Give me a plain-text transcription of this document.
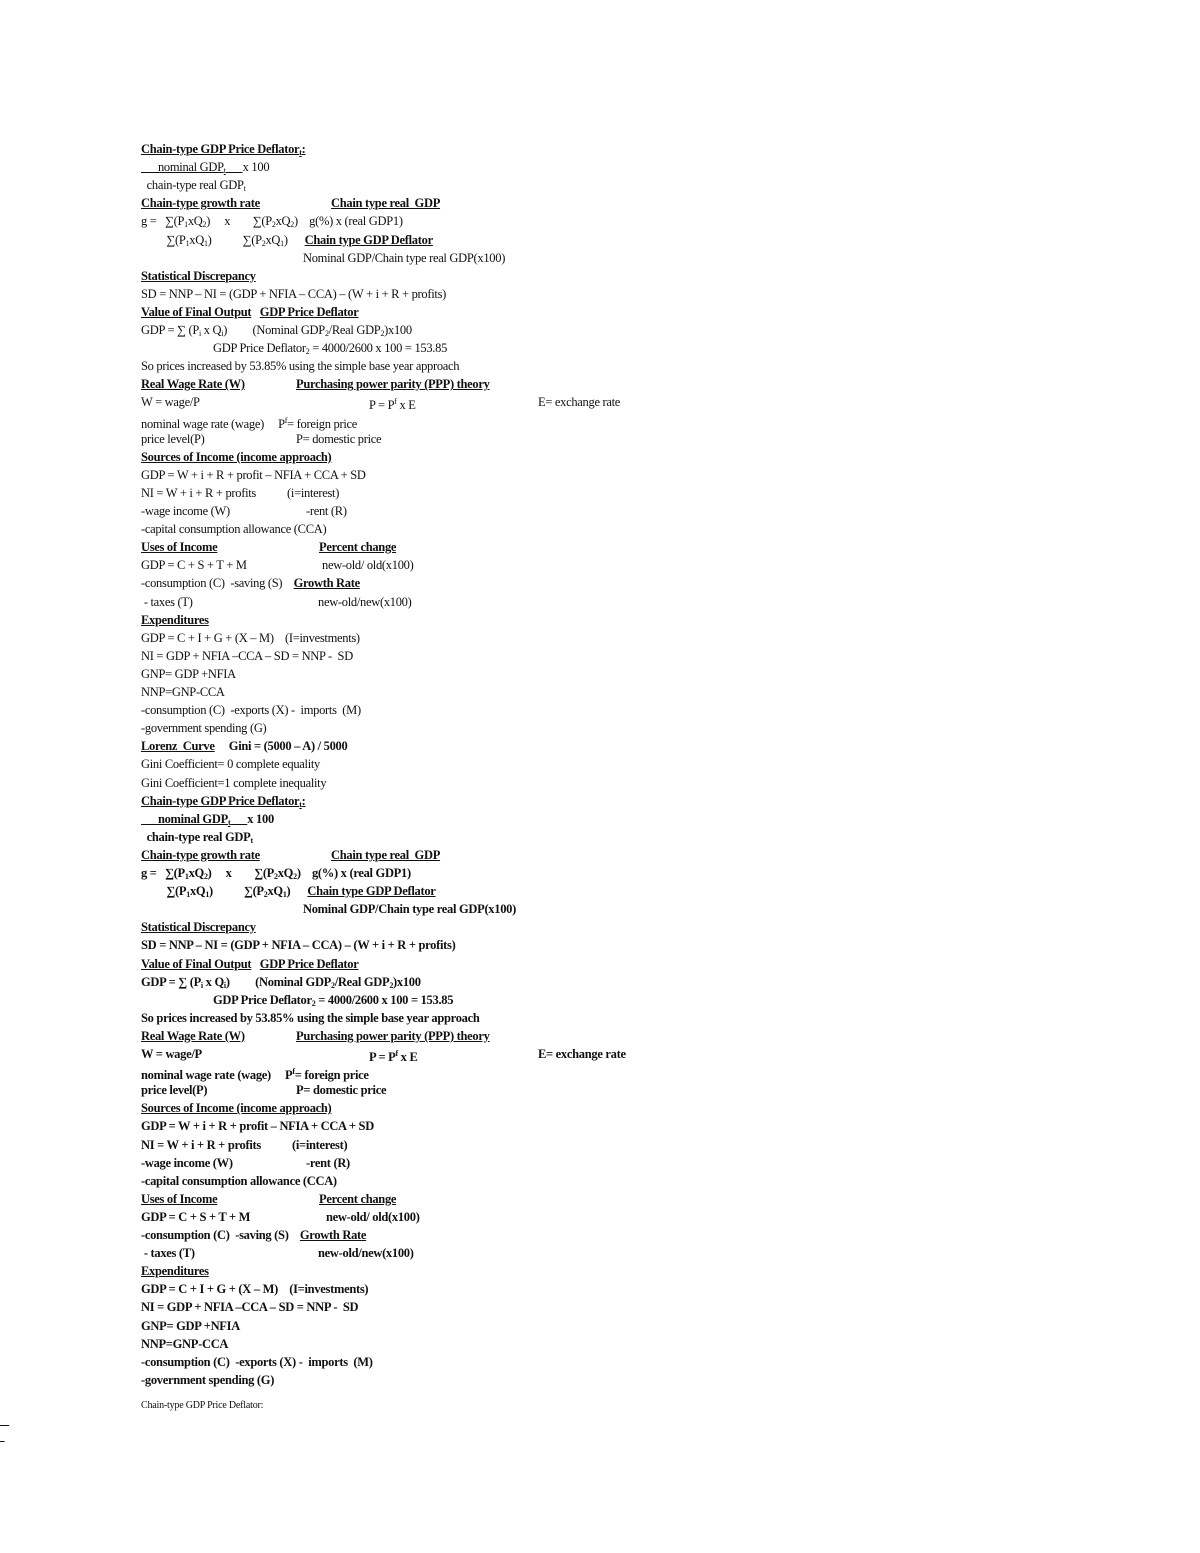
Chain-type GDP Price Deflatort:
nominal GDPt x 100
chain-type real GDPt
Chain-type growth rate	Chain type real  GDP
g =   ∑(P1xQ2)     x        ∑(P2xQ2)    g(%) x (real GDP1)
∑(P1xQ1)           ∑(P2xQ1)      Chain type GDP Deflator
Nominal GDP/Chain type real GDP(x100)
Statistical Discrepancy
SD = NNP – NI = (GDP + NFIA – CCA) – (W + i + R + profits)
Value of Final Output GDP Price Deflator
GDP = ∑ (Pi x Qi)         (Nominal GDP2/Real GDP2)x100
GDP Price Deflator2 = 4000/2600 x 100 = 153.85
So prices increased by 53.85% using the simple base year approach
Real Wage Rate (W)	Purchasing power parity (PPP) theory
W = wage/P	$P = P^f$ x E	E= exchange rate
nominal wage rate (wage)     $P^f=$ foreign price
price level(P)	P= domestic price
Sources of Income (income approach)
GDP = W + i + R + profit – NFIA + CCA + SD
NI = W + i + R + profits           (i=interest)
-wage income (W)	-rent (R)
-capital consumption allowance (CCA)
Uses of Income	Percent change
GDP = C + S + T + M	new-old/ old(x100)
-consumption (C)  -saving (S)    Growth Rate
- taxes (T)	new-old/new(x100)
Expenditures
GDP = C + I + G + (X – M)    (I=investments)
NI = GDP + NFIA –CCA – SD = NNP -  SD
GNP= GDP +NFIA
NNP=GNP-CCA
-consumption (C)  -exports (X) -  imports  (M)
-government spending (G)
Lorenz  Curve     Gini = (5000 – A) / 5000
Gini Coefficient= 0 complete equality
Gini Coefficient=1 complete inequality
Chain-type GDP Price Deflatort:
nominal GDPt x 100
chain-type real GDPt
Chain-type growth rate	Chain type real  GDP
g =   ∑(P1xQ2)     x        ∑(P2xQ2)    g(%) x (real GDP1)
∑(P1xQ1)           ∑(P2xQ1)      Chain type GDP Deflator
Nominal GDP/Chain type real GDP(x100)
Statistical Discrepancy
SD = NNP – NI = (GDP + NFIA – CCA) – (W + i + R + profits)
Value of Final Output GDP Price Deflator
GDP = ∑ (Pi x Qi)         (Nominal GDP2/Real GDP2)x100
GDP Price Deflator2 = 4000/2600 x 100 = 153.85
So prices increased by 53.85% using the simple base year approach
Real Wage Rate (W)	Purchasing power parity (PPP) theory
W = wage/P	$P = P^f$ x E	E= exchange rate
nominal wage rate (wage)     $P^f=$ foreign price
price level(P)	P= domestic price
Sources of Income (income approach)
GDP = W + i + R + profit – NFIA + CCA + SD
NI = W + i + R + profits           (i=interest)
-wage income (W)	-rent (R)
-capital consumption allowance (CCA)
Uses of Income	Percent change
GDP = C + S + T + M	new-old/ old(x100)
-consumption (C)  -saving (S)    Growth Rate
- taxes (T)	new-old/new(x100)
Expenditures
GDP = C + I + G + (X – M)    (I=investments)
NI = GDP + NFIA –CCA – SD = NNP -  SD
GNP= GDP +NFIA
NNP=GNP-CCA
-consumption (C)  -exports (X) -  imports  (M)
-government spending (G)

Chain-type GDP Price Deflator:
